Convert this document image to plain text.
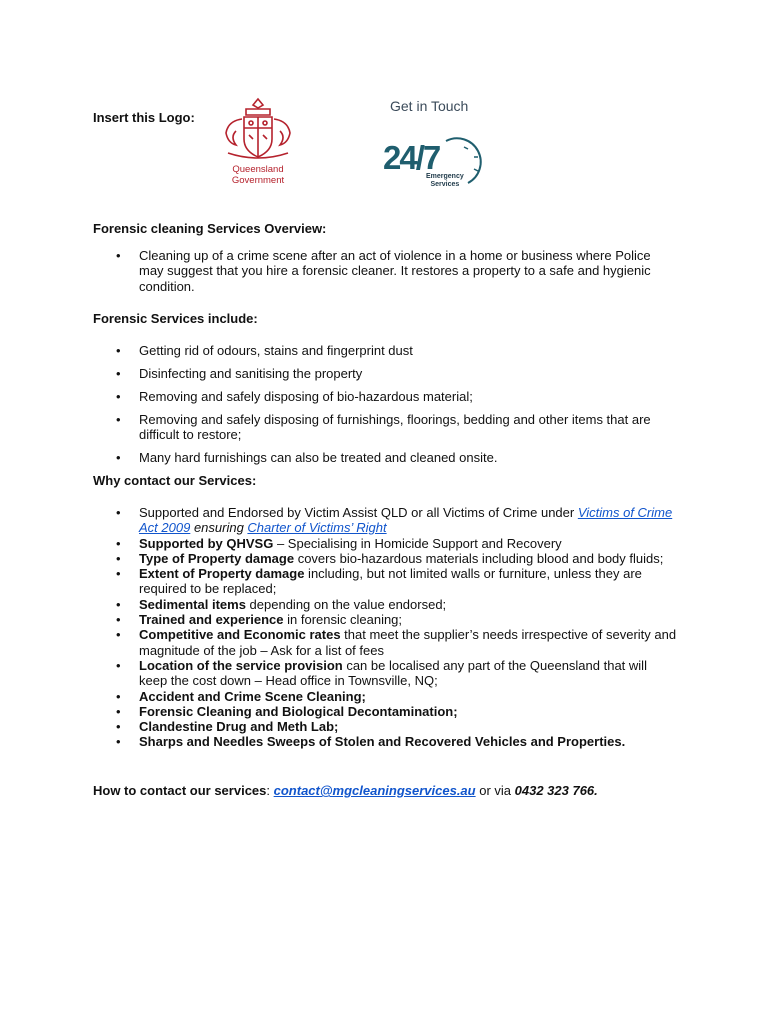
Insert this Logo:
Queensland
Government
Get in Touch
24/7
Emergency
Services
Forensic cleaning Services Overview:
• Cleaning up of a crime scene after an act of violence in a home or business where Police may suggest that you hire a forensic cleaner. It restores a property to a safe and hygienic condition.
Forensic Services include:
• Getting rid of odours, stains and fingerprint dust
• Disinfecting and sanitising the property
• Removing and safely disposing of bio-hazardous material;
• Removing and safely disposing of furnishings, floorings, bedding and other items that are difficult to restore;
• Many hard furnishings can also be treated and cleaned onsite.
Why contact our Services:
• Supported and Endorsed by Victim Assist QLD or all Victims of Crime under Victims of Crime Act 2009 ensuring Charter of Victims’ Right
• Supported by QHVSG – Specialising in Homicide Support and Recovery
• Type of Property damage covers bio-hazardous materials including blood and body fluids;
• Extent of Property damage including, but not limited walls or furniture, unless they are required to be replaced;
• Sedimental items depending on the value endorsed;
• Trained and experience in forensic cleaning;
• Competitive and Economic rates that meet the supplier’s needs irrespective of severity and magnitude of the job – Ask for a list of fees
• Location of the service provision can be localised any part of the Queensland that will keep the cost down – Head office in Townsville, NQ;
• Accident and Crime Scene Cleaning;
• Forensic Cleaning and Biological Decontamination;
• Clandestine Drug and Meth Lab;
• Sharps and Needles Sweeps of Stolen and Recovered Vehicles and Properties.
How to contact our services: contact@mgcleaningservices.au or via 0432 323 766.
